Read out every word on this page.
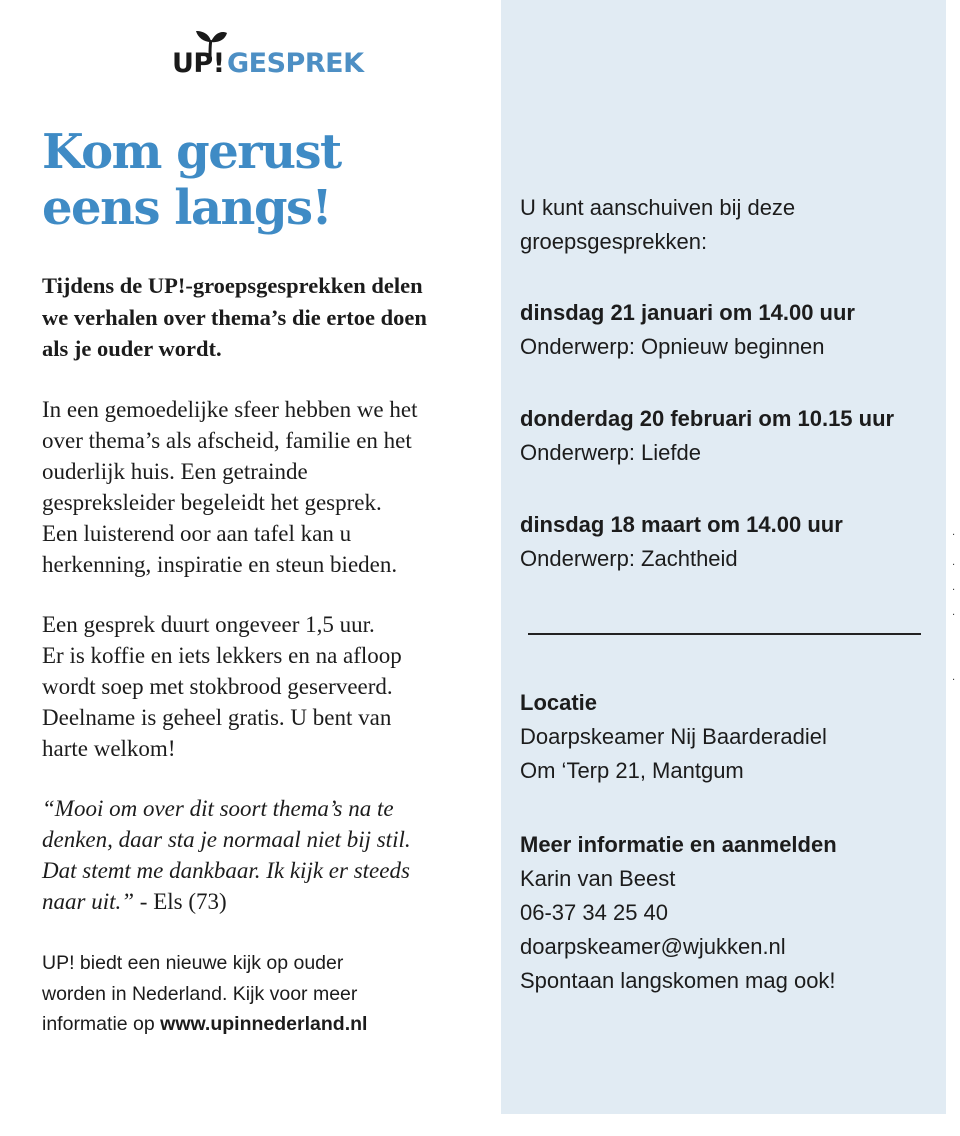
UP! GESPREK
Kom gerust
eens langs!

Tijdens de UP!-groepsgesprekken delen
we verhalen over thema’s die ertoe doen
als je ouder wordt.

In een gemoedelijke sfeer hebben we het
over thema’s als afscheid, familie en het
ouderlijk huis. Een getrainde
gespreksleider begeleidt het gesprek.
Een luisterend oor aan tafel kan u
herkenning, inspiratie en steun bieden.

Een gesprek duurt ongeveer 1,5 uur.
Er is koffie en iets lekkers en na afloop
wordt soep met stokbrood geserveerd.
Deelname is geheel gratis. U bent van
harte welkom!

“Mooi om over dit soort thema’s na te
denken, daar sta je normaal niet bij stil.
Dat stemt me dankbaar. Ik kijk er steeds
naar uit.” - Els (73)

UP! biedt een nieuwe kijk op ouder
worden in Nederland. Kijk voor meer
informatie op www.upinnederland.nl

U kunt aanschuiven bij deze
groepsgesprekken:

dinsdag 21 januari om 14.00 uur
Onderwerp: Opnieuw beginnen

donderdag 20 februari om 10.15 uur
Onderwerp: Liefde

dinsdag 18 maart om 14.00 uur
Onderwerp: Zachtheid

Locatie
Doarpskeamer Nij Baarderadiel
Om ‘Terp 21, Mantgum

Meer informatie en aanmelden
Karin van Beest
06-37 34 25 40
doarpskeamer@wjukken.nl
Spontaan langskomen mag ook!

·
·
·
·
·
